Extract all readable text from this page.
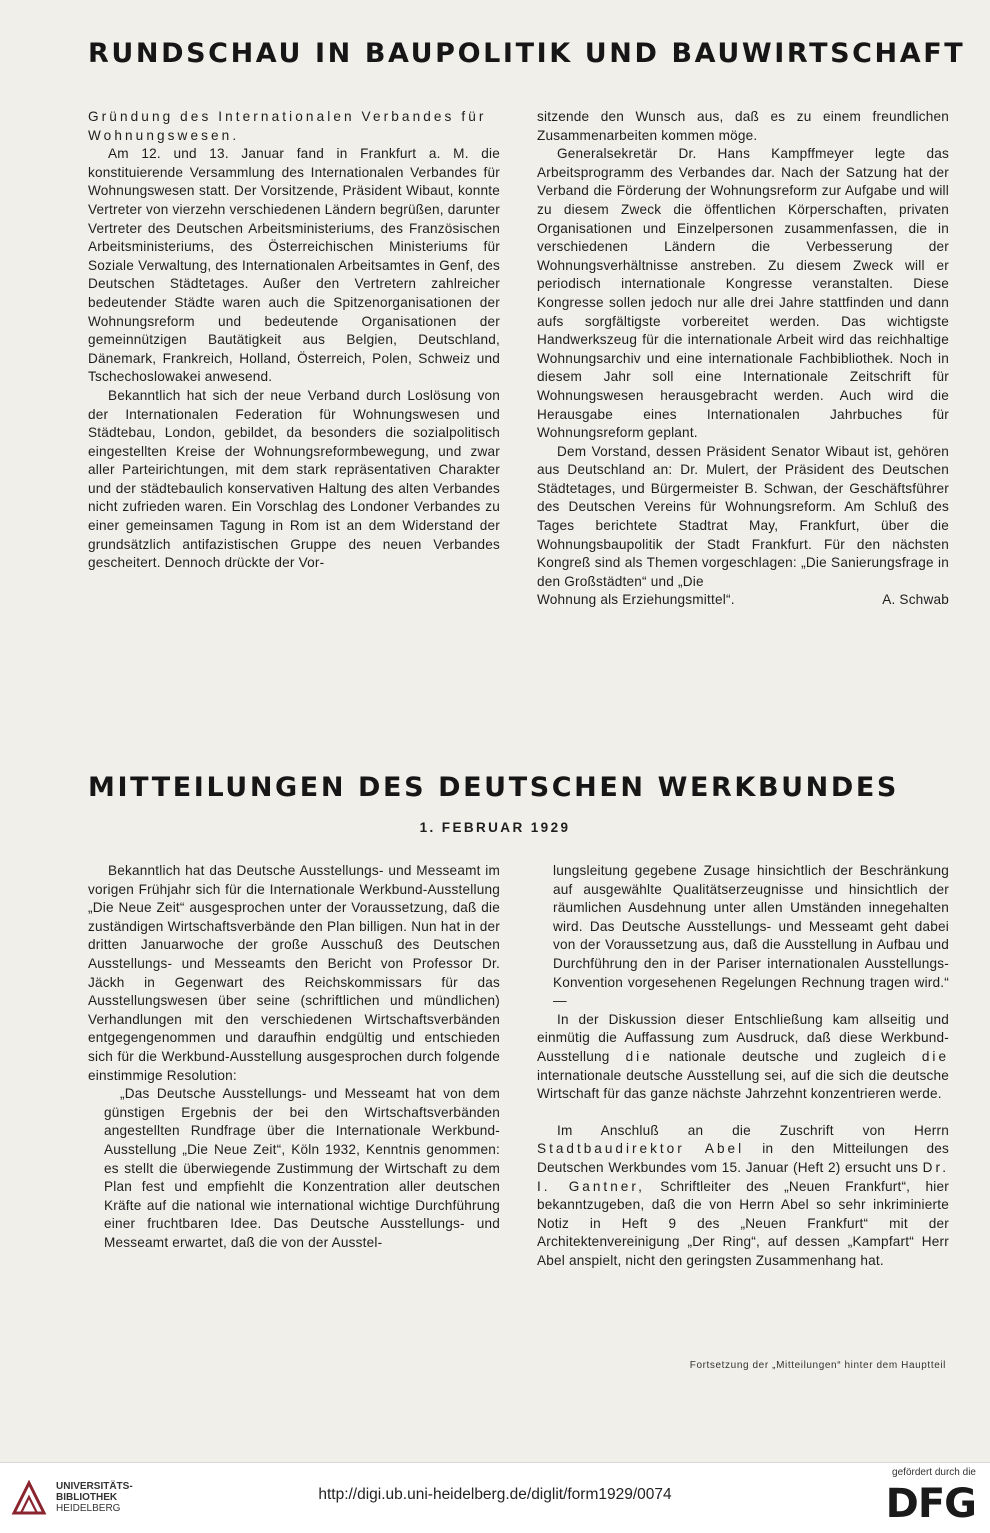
RUNDSCHAU IN BAUPOLITIK UND BAUWIRTSCHAFT

Gründung des Internationalen Verbandes für Wohnungswesen.

Am 12. und 13. Januar fand in Frankfurt a. M. die konstituierende Versammlung des Internationalen Verbandes für Wohnungswesen statt. Der Vorsitzende, Präsident Wibaut, konnte Vertreter von vierzehn verschiedenen Ländern begrüßen, darunter Vertreter des Deutschen Arbeitsministeriums, des Französischen Arbeitsministeriums, des Österreichischen Ministeriums für Soziale Verwaltung, des Internationalen Arbeitsamtes in Genf, des Deutschen Städtetages. Außer den Vertretern zahlreicher bedeutender Städte waren auch die Spitzenorganisationen der Wohnungsreform und bedeutende Organisationen der gemeinnützigen Bautätigkeit aus Belgien, Deutschland, Dänemark, Frankreich, Holland, Österreich, Polen, Schweiz und Tschechoslowakei anwesend.

Bekanntlich hat sich der neue Verband durch Loslösung von der Internationalen Federation für Wohnungswesen und Städtebau, London, gebildet, da besonders die sozialpolitisch eingestellten Kreise der Wohnungsreformbewegung, und zwar aller Parteirichtungen, mit dem stark repräsentativen Charakter und der städtebaulich konservativen Haltung des alten Verbandes nicht zufrieden waren. Ein Vorschlag des Londoner Verbandes zu einer gemeinsamen Tagung in Rom ist an dem Widerstand der grundsätzlich antifazistischen Gruppe des neuen Verbandes gescheitert. Dennoch drückte der Vor-

sitzende den Wunsch aus, daß es zu einem freundlichen Zusammenarbeiten kommen möge.

Generalsekretär Dr. Hans Kampffmeyer legte das Arbeitsprogramm des Verbandes dar. Nach der Satzung hat der Verband die Förderung der Wohnungsreform zur Aufgabe und will zu diesem Zweck die öffentlichen Körperschaften, privaten Organisationen und Einzelpersonen zusammenfassen, die in verschiedenen Ländern die Verbesserung der Wohnungsverhältnisse anstreben. Zu diesem Zweck will er periodisch internationale Kongresse veranstalten. Diese Kongresse sollen jedoch nur alle drei Jahre stattfinden und dann aufs sorgfältigste vorbereitet werden. Das wichtigste Handwerkszeug für die internationale Arbeit wird das reichhaltige Wohnungsarchiv und eine internationale Fachbibliothek. Noch in diesem Jahr soll eine Internationale Zeitschrift für Wohnungswesen herausgebracht werden. Auch wird die Herausgabe eines Internationalen Jahrbuches für Wohnungsreform geplant.

Dem Vorstand, dessen Präsident Senator Wibaut ist, gehören aus Deutschland an: Dr. Mulert, der Präsident des Deutschen Städtetages, und Bürgermeister B. Schwan, der Geschäftsführer des Deutschen Vereins für Wohnungsreform. Am Schluß des Tages berichtete Stadtrat May, Frankfurt, über die Wohnungsbaupolitik der Stadt Frankfurt. Für den nächsten Kongreß sind als Themen vorgeschlagen: „Die Sanierungsfrage in den Großstädten“ und „Die

Wohnung als Erziehungsmittel“.	A. Schwab
MITTEILUNGEN DES DEUTSCHEN WERKBUNDES
1. FEBRUAR 1929

Bekanntlich hat das Deutsche Ausstellungs- und Messeamt im vorigen Frühjahr sich für die Internationale Werkbund-Ausstellung „Die Neue Zeit“ ausgesprochen unter der Voraussetzung, daß die zuständigen Wirtschaftsverbände den Plan billigen. Nun hat in der dritten Januarwoche der große Ausschuß des Deutschen Ausstellungs- und Messeamts den Bericht von Professor Dr. Jäckh in Gegenwart des Reichskommissars für das Ausstellungswesen über seine (schriftlichen und mündlichen) Verhandlungen mit den verschiedenen Wirtschaftsverbänden entgegengenommen und daraufhin endgültig und entschieden sich für die Werkbund-Ausstellung ausgesprochen durch folgende einstimmige Resolution:

„Das Deutsche Ausstellungs- und Messeamt hat von dem günstigen Ergebnis der bei den Wirtschaftsverbänden angestellten Rundfrage über die Internationale Werkbund-Ausstellung „Die Neue Zeit“, Köln 1932, Kenntnis genommen: es stellt die überwiegende Zustimmung der Wirtschaft zu dem Plan fest und empfiehlt die Konzentration aller deutschen Kräfte auf die national wie international wichtige Durchführung einer fruchtbaren Idee. Das Deutsche Ausstellungs- und Messeamt erwartet, daß die von der Ausstel-

lungsleitung gegebene Zusage hinsichtlich der Beschränkung auf ausgewählte Qualitätserzeugnisse und hinsichtlich der räumlichen Ausdehnung unter allen Umständen innegehalten wird. Das Deutsche Ausstellungs- und Messeamt geht dabei von der Voraussetzung aus, daß die Ausstellung in Aufbau und Durchführung den in der Pariser internationalen Ausstellungs-Konvention vorgesehenen Regelungen Rechnung tragen wird.“ —

In der Diskussion dieser Entschließung kam allseitig und einmütig die Auffassung zum Ausdruck, daß diese Werkbund-Ausstellung die nationale deutsche und zugleich die internationale deutsche Ausstellung sei, auf die sich die deutsche Wirtschaft für das ganze nächste Jahrzehnt konzentrieren werde.

Im Anschluß an die Zuschrift von Herrn Stadtbaudirektor Abel in den Mitteilungen des Deutschen Werkbundes vom 15. Januar (Heft 2) ersucht uns Dr. I. Gantner, Schriftleiter des „Neuen Frankfurt“, hier bekanntzugeben, daß die von Herrn Abel so sehr inkriminierte Notiz in Heft 9 des „Neuen Frankfurt“ mit der Architektenvereinigung „Der Ring“, auf dessen „Kampfart“ Herr Abel anspielt, nicht den geringsten Zusammenhang hat.

Fortsetzung der „Mitteilungen“ hinter dem Hauptteil
UNIVERSITÄTS-
BIBLIOTHEK
HEIDELBERG
http://digi.ub.uni-heidelberg.de/diglit/form1929/0074
gefördert durch die
DFG
